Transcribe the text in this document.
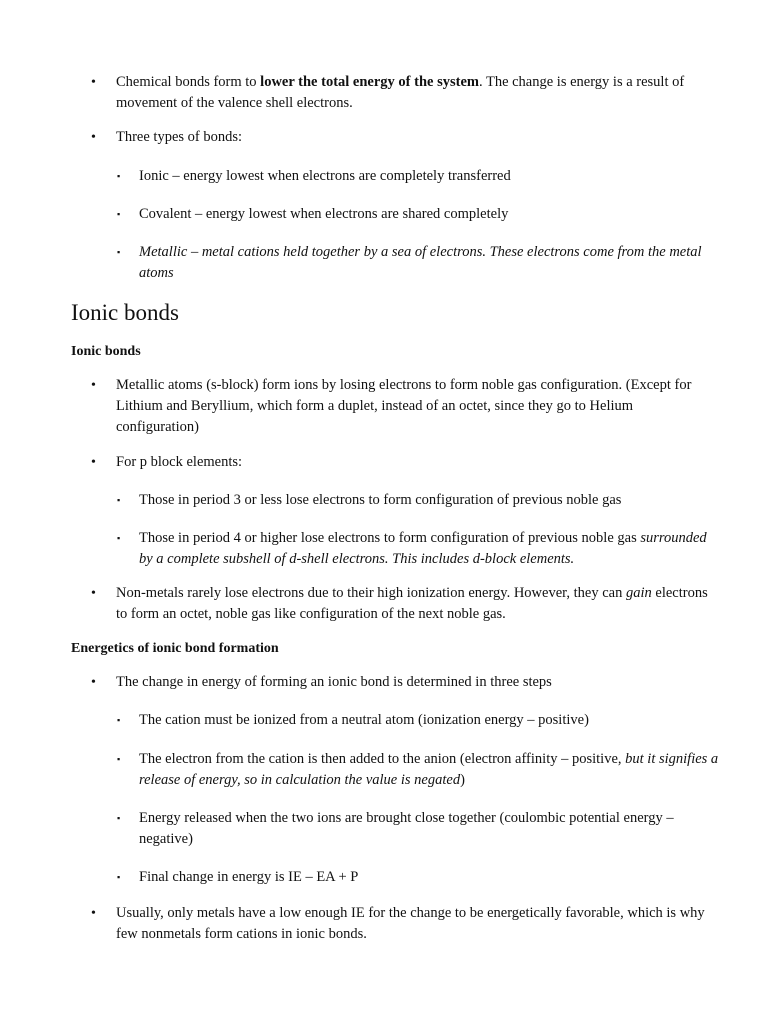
• Chemical bonds form to lower the total energy of the system. The change is energy is a result of movement of the valence shell electrons.
• Three types of bonds:
▪ Ionic – energy lowest when electrons are completely transferred
▪ Covalent – energy lowest when electrons are shared completely
▪ Metallic – metal cations held together by a sea of electrons. These electrons come from the metal atoms
Ionic bonds
Ionic bonds
• Metallic atoms (s-block) form ions by losing electrons to form noble gas configuration. (Except for Lithium and Beryllium, which form a duplet, instead of an octet, since they go to Helium configuration)
• For p block elements:
▪ Those in period 3 or less lose electrons to form configuration of previous noble gas
▪ Those in period 4 or higher lose electrons to form configuration of previous noble gas surrounded by a complete subshell of d-shell electrons. This includes d-block elements.
• Non-metals rarely lose electrons due to their high ionization energy. However, they can gain electrons to form an octet, noble gas like configuration of the next noble gas.
Energetics of ionic bond formation
• The change in energy of forming an ionic bond is determined in three steps
▪ The cation must be ionized from a neutral atom (ionization energy – positive)
▪ The electron from the cation is then added to the anion (electron affinity – positive, but it signifies a release of energy, so in calculation the value is negated)
▪ Energy released when the two ions are brought close together (coulombic potential energy – negative)
▪ Final change in energy is IE – EA + P
• Usually, only metals have a low enough IE for the change to be energetically favorable, which is why few nonmetals form cations in ionic bonds.
